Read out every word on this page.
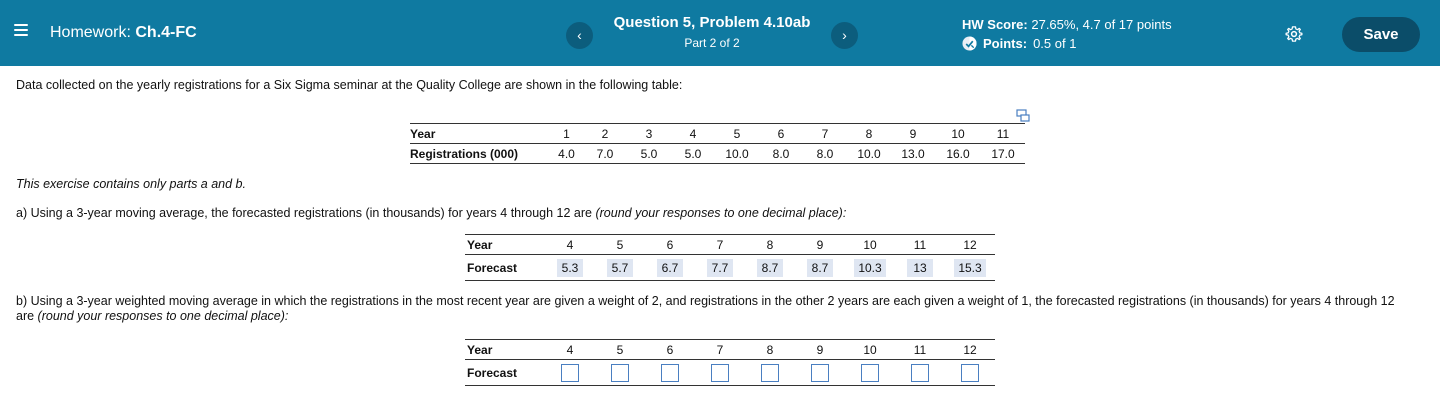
Homework: Ch.4-FC	‹
Question 5, Problem 4.10ab
Part 2 of 2	›
HW Score: 27.65%, 4.7 of 17 points
Points: 0.5 of 1
Save
Data collected on the yearly registrations for a Six Sigma seminar at the Quality College are shown in the following table:
Year	1	2	3	4	5	6	7	8	9	10	11
Registrations (000)	4.0	7.0	5.0	5.0	10.0	8.0	8.0	10.0	13.0	16.0	17.0
This exercise contains only parts a and b.
a) Using a 3-year moving average, the forecasted registrations (in thousands) for years 4 through 12 are (round your responses to one decimal place):
Year	4	5	6	7	8	9	10	11	12
Forecast	5.3	5.7	6.7	7.7	8.7	8.7	10.3	13	15.3
b) Using a 3-year weighted moving average in which the registrations in the most recent year are given a weight of 2, and registrations in the other 2 years are each given a weight of 1, the forecasted registrations (in thousands) for years 4 through 12 are (round your responses to one decimal place):
Year	4	5	6	7	8	9	10	11	12
Forecast									
